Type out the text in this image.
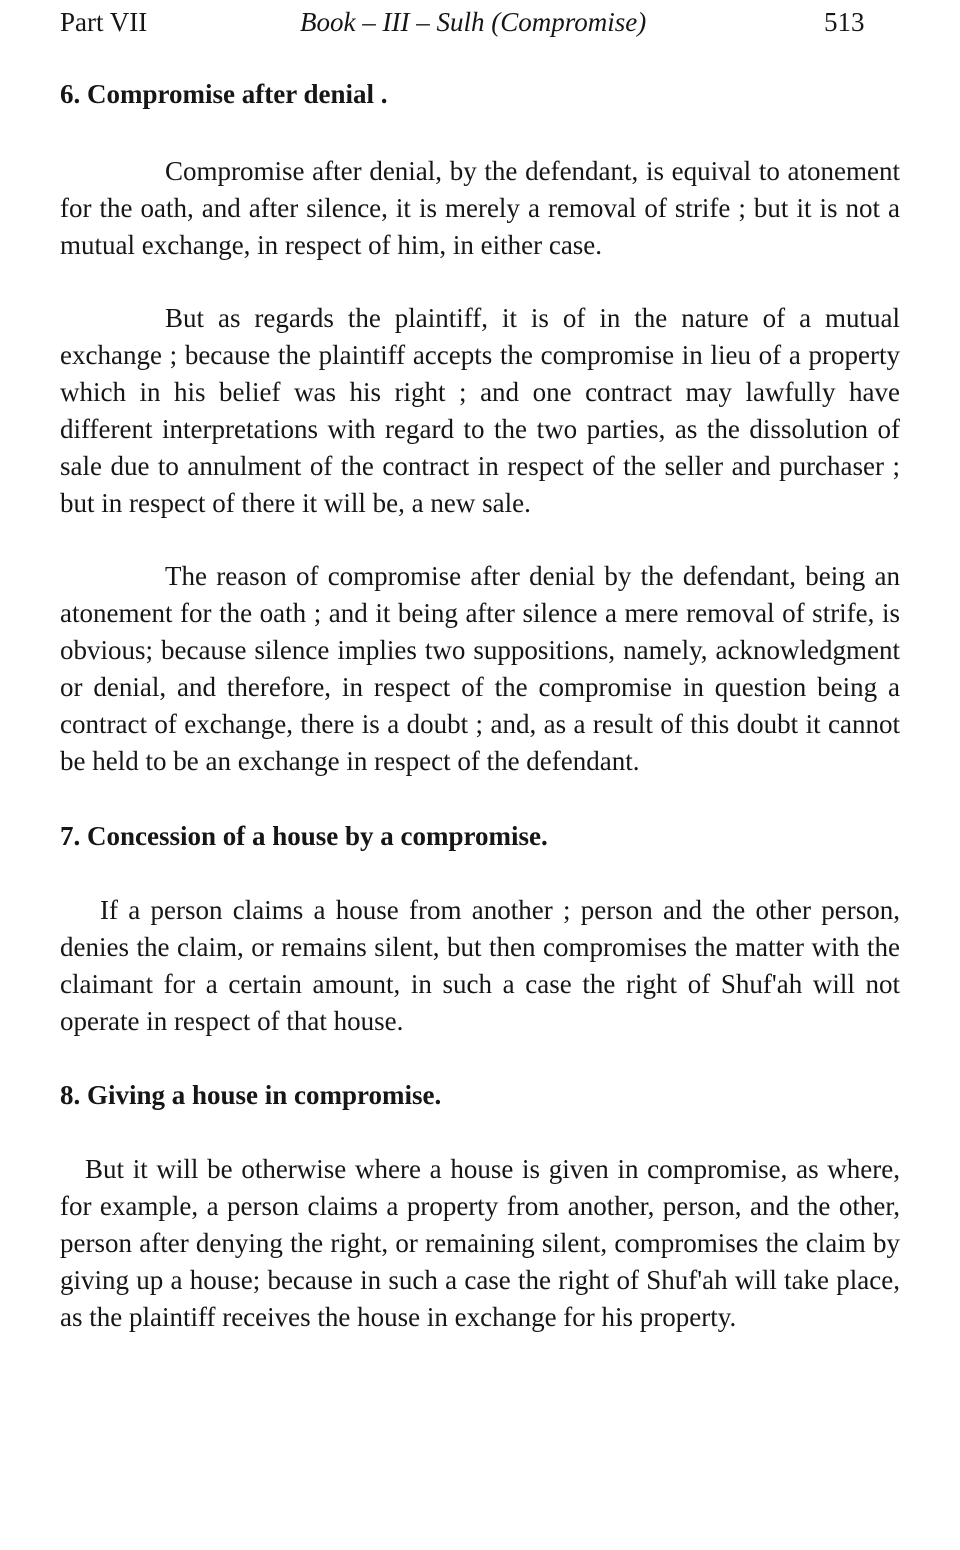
Part VII	Book – III – Sulh (Compromise)	513

6. Compromise after denial .

Compromise after denial, by the defendant, is equival to atonement for the oath, and after silence, it is merely a removal of strife ; but it is not a mutual exchange, in respect of him, in either case.

But as regards the plaintiff, it is of in the nature of a mutual exchange ; because the plaintiff accepts the compromise in lieu of a property which in his belief was his right ; and one contract may lawfully have different interpretations with regard to the two parties, as the dissolution of sale due to annulment of the contract in respect of the seller and purchaser ; but in respect of there it will be, a new sale.

The reason of compromise after denial by the defendant, being an atonement for the oath ; and it being after silence a mere removal of strife, is obvious; because silence implies two suppositions, namely, acknowledgment or denial, and therefore, in respect of the compromise in question being a contract of exchange, there is a doubt ; and, as a result of this doubt it cannot be held to be an exchange in respect of the defendant.

7. Concession of a house by a compromise.

If a person claims a house from another ; person and the other person, denies the claim, or remains silent, but then compromises the matter with the claimant for a certain amount, in such a case the right of Shuf'ah will not operate in respect of that house.

8. Giving a house in compromise.

But it will be otherwise where a house is given in compromise, as where, for example, a person claims a property from another, person, and the other, person after denying the right, or remaining silent, compromises the claim by giving up a house; because in such a case the right of Shuf'ah will take place, as the plaintiff receives the house in exchange for his property.
